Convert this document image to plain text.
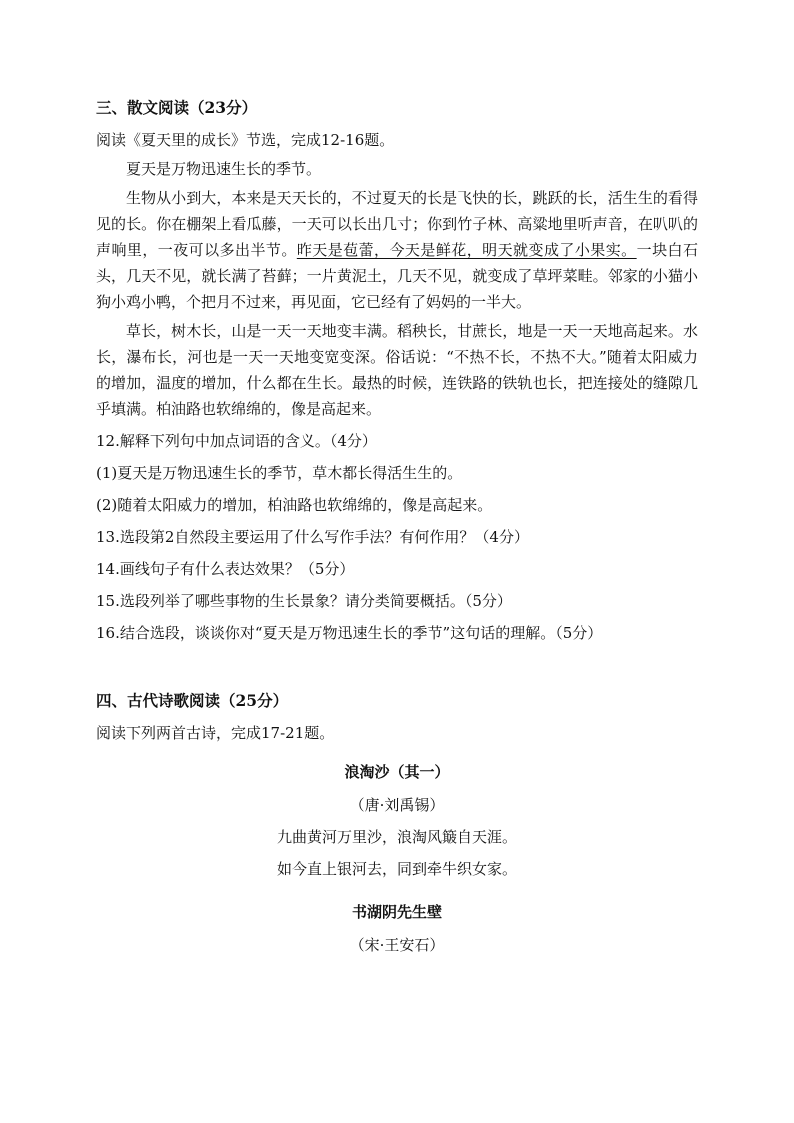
三、散文阅读（23分）
阅读《夏天里的成长》节选，完成12-16题。
夏天是万物迅速生长的季节。
生物从小到大，本来是天天长的，不过夏天的长是飞快的长，跳跃的长，活生生的看得见的长。你在棚架上看瓜藤，一天可以长出几寸；你到竹子林、高粱地里听声音，在叭叭的声响里，一夜可以多出半节。昨天是苞蕾，今天是鲜花，明天就变成了小果实。一块白石头，几天不见，就长满了苔藓；一片黄泥土，几天不见，就变成了草坪菜畦。邻家的小猫小狗小鸡小鸭，个把月不过来，再见面，它已经有了妈妈的一半大。
草长，树木长，山是一天一天地变丰满。稻秧长，甘蔗长，地是一天一天地高起来。水长，瀑布长，河也是一天一天地变宽变深。俗话说：“不热不长，不热不大。”随着太阳威力的增加，温度的增加，什么都在生长。最热的时候，连铁路的铁轨也长，把连接处的缝隙几乎填满。柏油路也软绵绵的，像是高起来。
12.解释下列句中加点词语的含义。（4分）
(1)夏天是万物迅速生长的季节，草木都长得活生生的。
(2)随着太阳威力的增加，柏油路也软绵绵的，像是高起来。
13.选段第2自然段主要运用了什么写作手法？有何作用？（4分）
14.画线句子有什么表达效果？（5分）
15.选段列举了哪些事物的生长景象？请分类简要概括。（5分）
16.结合选段，谈谈你对“夏天是万物迅速生长的季节”这句话的理解。（5分）
四、古代诗歌阅读（25分）
阅读下列两首古诗，完成17-21题。
浪淘沙（其一）
（唐·刘禹锡）
九曲黄河万里沙，浪淘风簸自天涯。
如今直上银河去，同到牵牛织女家。
书湖阴先生壁
（宋·王安石）
